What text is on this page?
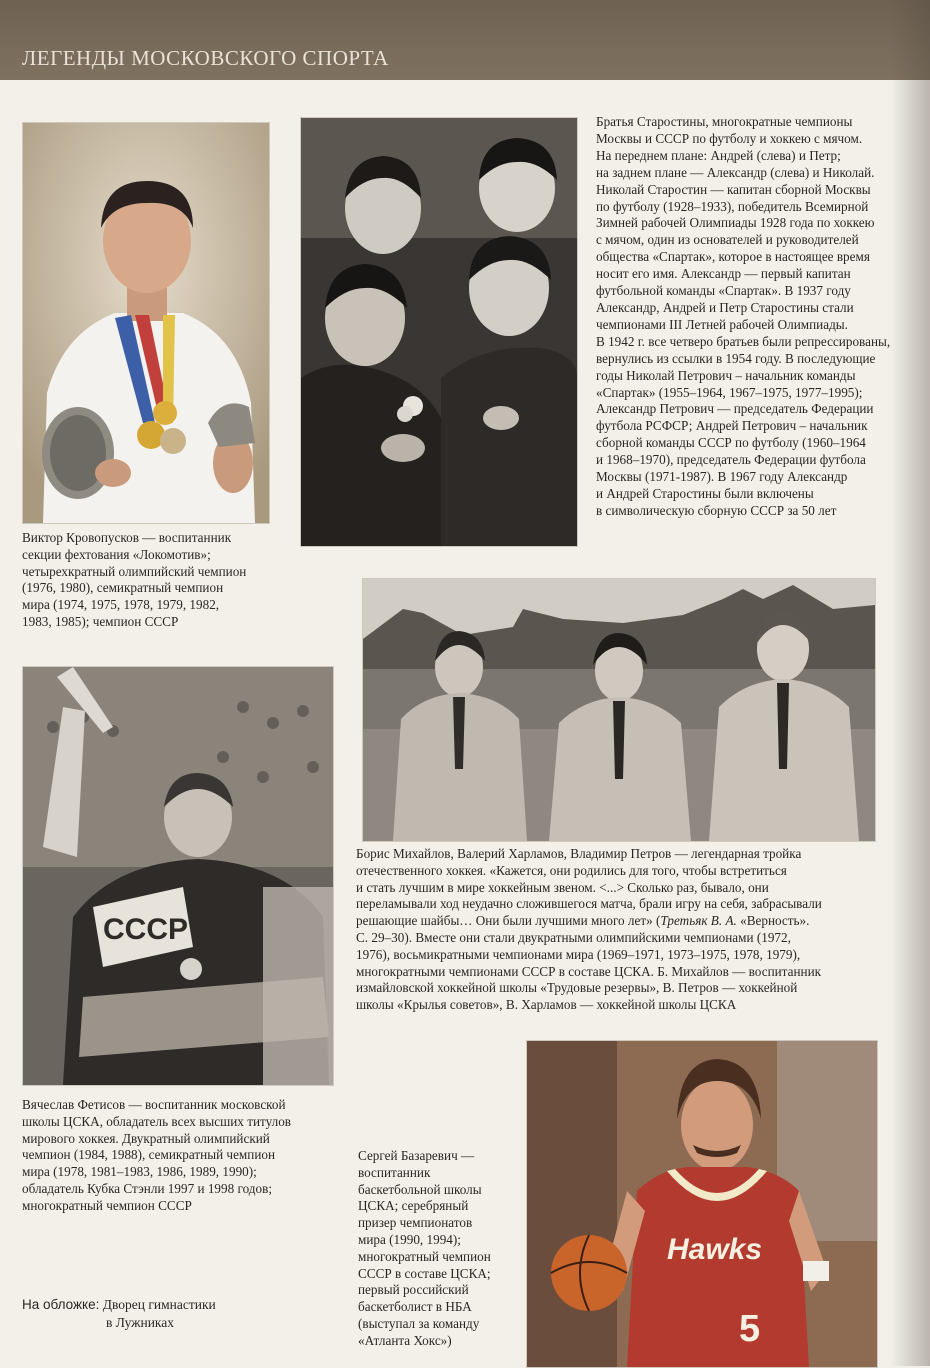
ЛЕГЕНДЫ МОСКОВСКОГО СПОРТА

Братья Старостины, многократные чемпионы
Москвы и СССР по футболу и хоккею с мячом.
На переднем плане: Андрей (слева) и Петр;
на заднем плане — Александр (слева) и Николай.
Николай Старостин — капитан сборной Москвы
по футболу (1928–1933), победитель Всемирной
Зимней рабочей Олимпиады 1928 года по хоккею
с мячом, один из основателей и руководителей
общества «Спартак», которое в настоящее время
носит его имя. Александр — первый капитан
футбольной команды «Спартак». В 1937 году
Александр, Андрей и Петр Старостины стали
чемпионами III Летней рабочей Олимпиады.
В 1942 г. все четверо братьев были репрессированы,
вернулись из ссылки в 1954 году. В последующие
годы Николай Петрович – начальник команды
«Спартак» (1955–1964, 1967–1975, 1977–1995);
Александр Петрович — председатель Федерации
футбола РСФСР; Андрей Петрович – начальник
сборной команды СССР по футболу (1960–1964
и 1968–1970), председатель Федерации футбола
Москвы (1971-1987). В 1967 году Александр
и Андрей Старостины были включены
в символическую сборную СССР за 50 лет

Виктор Кровопусков — воспитанник
секции фехтования «Локомотив»;
четырехкратный олимпийский чемпион
(1976, 1980), семикратный чемпион
мира (1974, 1975, 1978, 1979, 1982,
1983, 1985); чемпион СССР

Борис Михайлов, Валерий Харламов, Владимир Петров — легендарная тройка
отечественного хоккея. «Кажется, они родились для того, чтобы встретиться
и стать лучшим в мире хоккейным звеном. <...> Сколько раз, бывало, они
переламывали ход неудачно сложившегося матча, брали игру на себя, забрасывали
решающие шайбы… Они были лучшими много лет» (Третьяк В. А. «Верность».
С. 29–30). Вместе они стали двукратными олимпийскими чемпионами (1972,
1976), восьмикратными чемпионами мира (1969–1971, 1973–1975, 1978, 1979),
многократными чемпионами СССР в составе ЦСКА. Б. Михайлов — воспитанник
измайловской хоккейной школы «Трудовые резервы», В. Петров — хоккейной
школы «Крылья советов», В. Харламов — хоккейной школы ЦСКА

СССР

Вячеслав Фетисов — воспитанник московской
школы ЦСКА, обладатель всех высших титулов
мирового хоккея. Двукратный олимпийский
чемпион (1984, 1988), семикратный чемпион
мира (1978, 1981–1983, 1986, 1989, 1990);
обладатель Кубка Стэнли 1997 и 1998 годов;
многократный чемпион СССР

Hawks
5

Сергей Базаревич —
воспитанник
баскетбольной школы
ЦСКА; серебряный
призер чемпионатов
мира (1990, 1994);
многократный чемпион
СССР в составе ЦСКА;
первый российский
баскетболист в НБА
(выступал за команду
«Атланта Хокс»)

На обложке: Дворец гимнастики
в Лужниках
